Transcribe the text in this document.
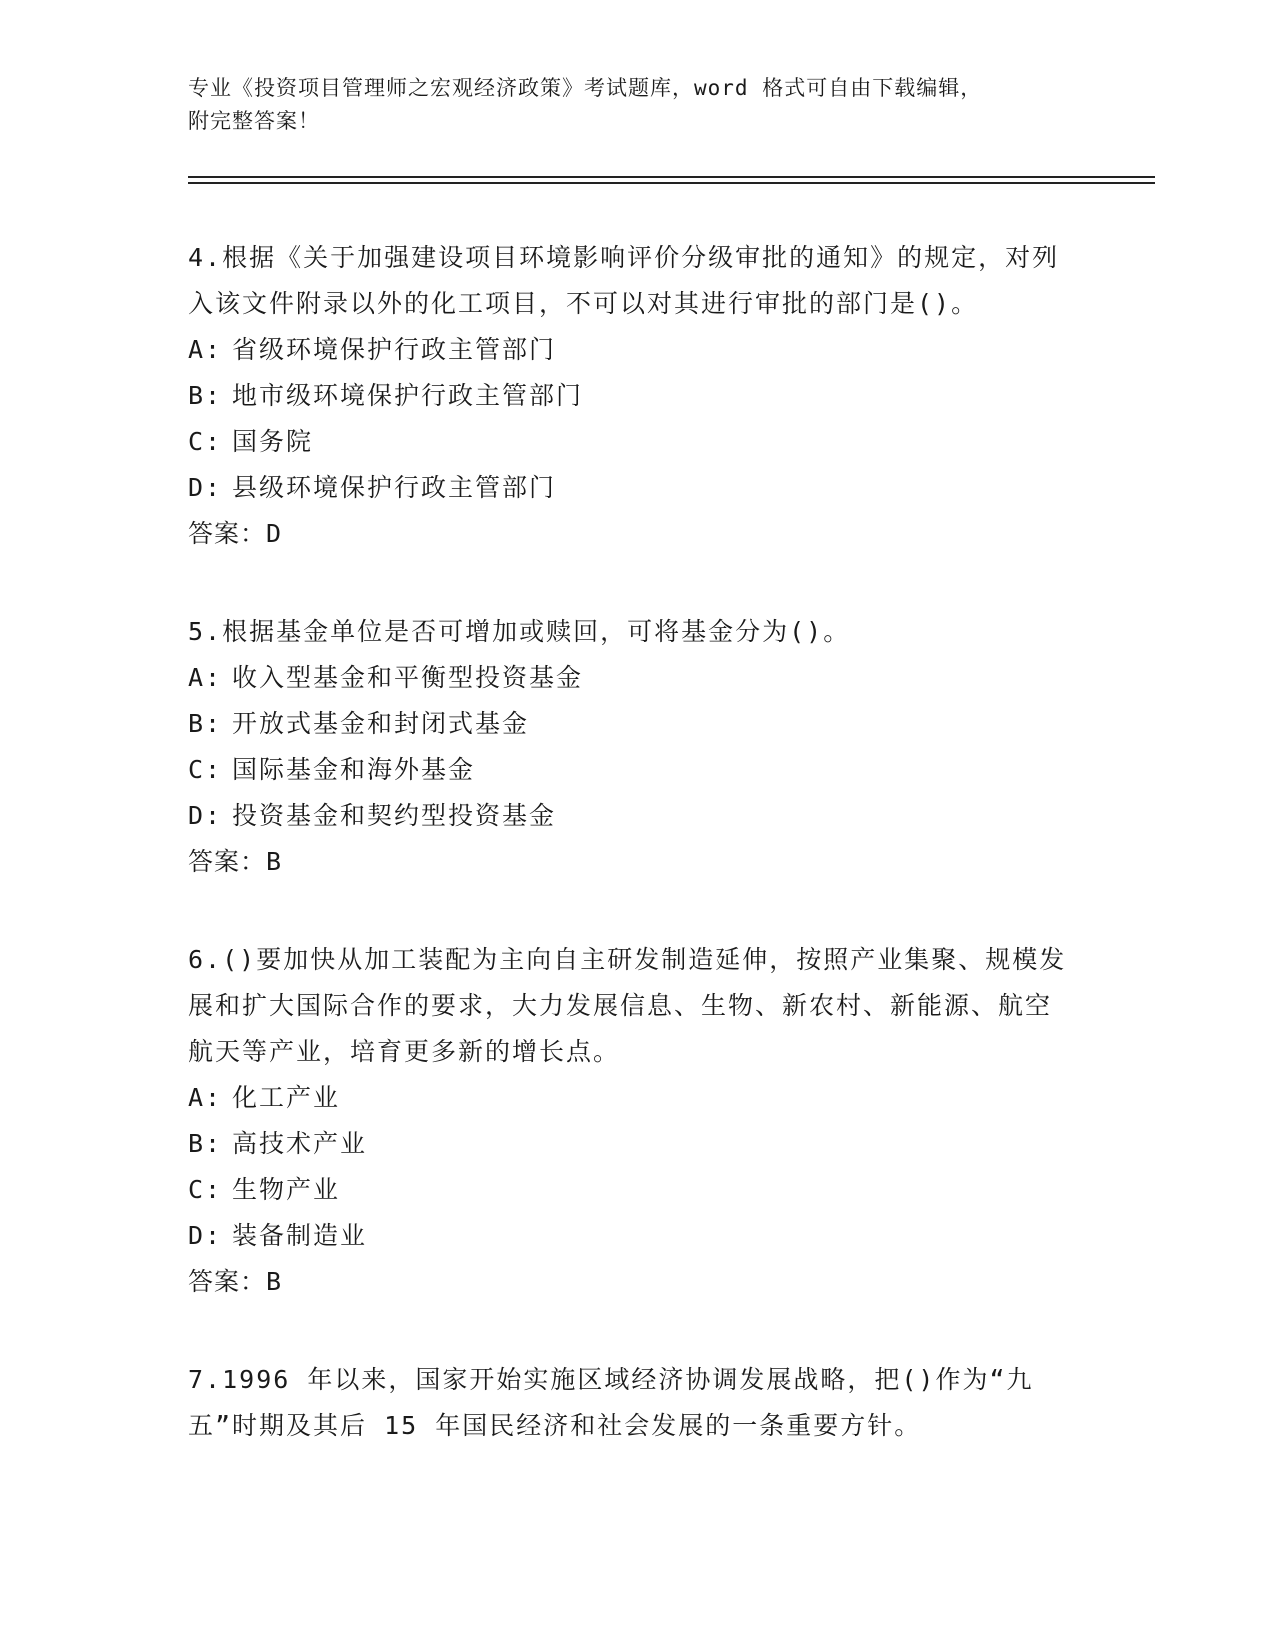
专业《投资项目管理师之宏观经济政策》考试题库，word 格式可自由下载编辑，
附完整答案！

4.根据《关于加强建设项目环境影响评价分级审批的通知》的规定，对列入该文件附录以外的化工项目，不可以对其进行审批的部门是()。

A: 省级环境保护行政主管部门

B: 地市级环境保护行政主管部门

C: 国务院

D: 县级环境保护行政主管部门

答案：D

5.根据基金单位是否可增加或赎回，可将基金分为()。

A: 收入型基金和平衡型投资基金

B: 开放式基金和封闭式基金

C: 国际基金和海外基金

D: 投资基金和契约型投资基金

答案：B

6.()要加快从加工装配为主向自主研发制造延伸，按照产业集聚、规模发展和扩大国际合作的要求，大力发展信息、生物、新农村、新能源、航空航天等产业，培育更多新的增长点。

A: 化工产业

B: 高技术产业

C: 生物产业

D: 装备制造业

答案：B

7.1996 年以来，国家开始实施区域经济协调发展战略，把()作为“九五”时期及其后 15 年国民经济和社会发展的一条重要方针。
